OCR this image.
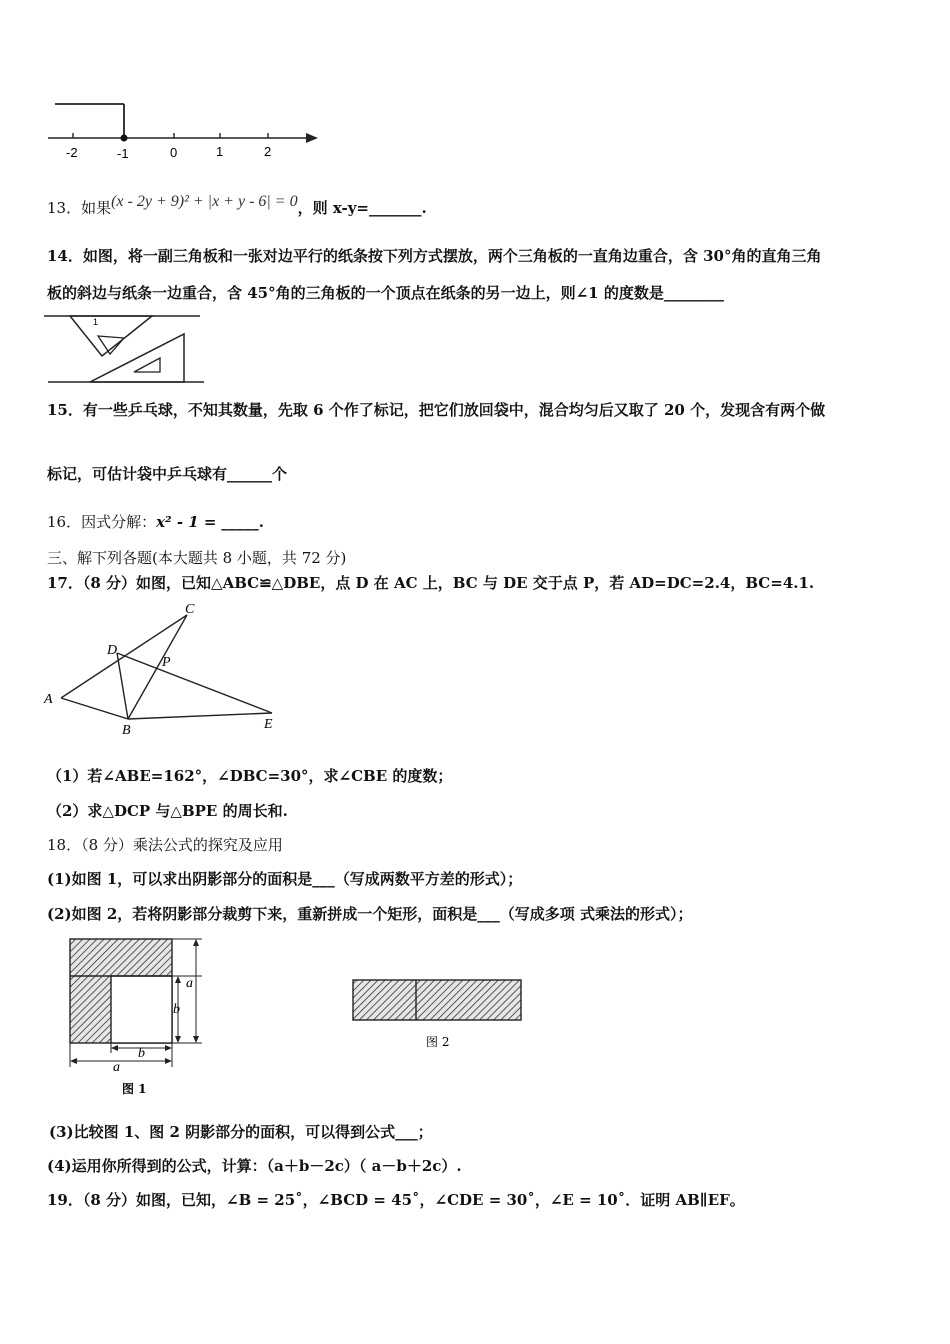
-2	-1	0	1	2
13．如果(x - 2y + 9)² + |x + y - 6| = 0，则 x-y=_______.
14．如图，将一副三角板和一张对边平行的纸条按下列方式摆放，两个三角板的一直角边重合，含 30°角的直角三角
板的斜边与纸条一边重合，含 45°角的三角板的一个顶点在纸条的另一边上，则∠1 的度数是________
1
15．有一些乒乓球，不知其数量，先取 6 个作了标记，把它们放回袋中，混合均匀后又取了 20 个，发现含有两个做
标记，可估计袋中乒乓球有______个
16．因式分解：x² - 1 = _____.
三、解下列各题(本大题共 8 小题，共 72 分)
17．（8 分）如图，已知△ABC≌△DBE，点 D 在 AC 上，BC 与 DE 交于点 P，若 AD=DC=2.4，BC=4.1.
C
D
P
A
B	E
（1）若∠ABE=162°，∠DBC=30°，求∠CBE 的度数；
（2）求△DCP 与△BPE 的周长和.
18．（8 分）乘法公式的探究及应用
(1)如图 1，可以求出阴影部分的面积是___（写成两数平方差的形式）；
(2)如图 2，若将阴影部分裁剪下来，重新拼成一个矩形，面积是___（写成多项 式乘法的形式）；
a
b
b
a
图 1
图 2
(3)比较图 1、图 2 阴影部分的面积，可以得到公式___；
(4)运用你所得到的公式，计算：（a＋b－2c）（ a－b＋2c）.
19．（8 分）如图，已知，∠B = 25˚，∠BCD = 45˚，∠CDE = 30˚，∠E = 10˚．证明 AB∥EF。
